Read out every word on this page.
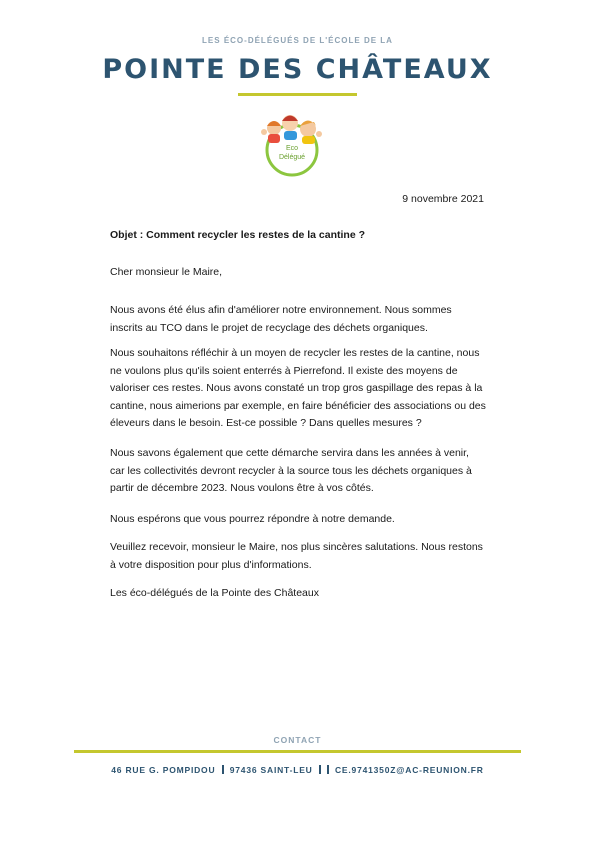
LES ÉCO-DÉLÉGUÉS DE L'ÉCOLE DE LA
POINTE DES CHÂTEAUX
Eco
Délégué
9 novembre 2021
Objet : Comment recycler les restes de la cantine ?
Cher monsieur le Maire,

Nous avons été élus afin d'améliorer notre environnement. Nous sommes inscrits au TCO dans le projet de recyclage des déchets organiques.

Nous souhaitons réfléchir à un moyen de recycler les restes de la cantine, nous ne voulons plus qu'ils soient enterrés à Pierrefond. Il existe des moyens de valoriser ces restes. Nous avons constaté un trop gros gaspillage des repas à la cantine, nous aimerions par exemple, en faire bénéficier des associations ou des éleveurs dans le besoin. Est-ce possible ? Dans quelles mesures ?

Nous savons également que cette démarche servira dans les années à venir, car les collectivités devront recycler à la source tous les déchets organiques à partir de décembre 2023. Nous voulons être à vos côtés.

Nous espérons que vous pourrez répondre à notre demande.

Veuillez recevoir, monsieur le Maire, nos plus sincères salutations. Nous restons à votre disposition pour plus d'informations.

Les éco-délégués de la Pointe des Châteaux

CONTACT
46 RUE G. POMPIDOU 97436 SAINT-LEU	CE.9741350Z@AC-REUNION.FR
